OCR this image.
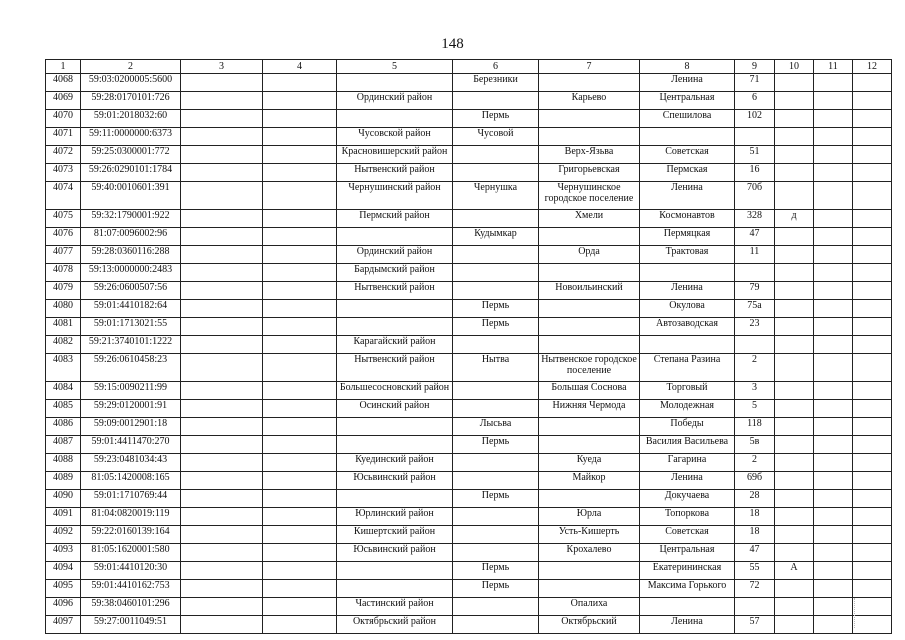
148
1	2	3	4	5	6	7	8	9	10	11	12
4068	59:03:0200005:5600				Березники		Ленина	71			
4069	59:28:0170101:726			Ординский район		Карьево	Центральная	6			
4070	59:01:2018032:60				Пермь		Спешилова	102			
4071	59:11:0000000:6373			Чусовской район	Чусовой						
4072	59:25:0300001:772			Красновишерский район		Верх-Язьва	Советская	51			
4073	59:26:0290101:1784			Нытвенский район		Григорьевская	Пермская	16			
4074	59:40:0010601:391			Чернушинский район	Чернушка	Чернушинское городское поселение	Ленина	70б			
4075	59:32:1790001:922			Пермский район		Хмели	Космонавтов	328	д		
4076	81:07:0096002:96				Кудымкар		Пермяцкая	47			
4077	59:28:0360116:288			Ординский район		Орда	Трактовая	11			
4078	59:13:0000000:2483			Бардымский район							
4079	59:26:0600507:56			Нытвенский район		Новоильинский	Ленина	79			
4080	59:01:4410182:64				Пермь		Окулова	75а			
4081	59:01:1713021:55				Пермь		Автозаводская	23			
4082	59:21:3740101:1222			Карагайский район							
4083	59:26:0610458:23			Нытвенский район	Нытва	Нытвенское городское поселение	Степана Разина	2			
4084	59:15:0090211:99			Большесосновский район		Большая Соснова	Торговый	3			
4085	59:29:0120001:91			Осинский район		Нижняя Чермода	Молодежная	5			
4086	59:09:0012901:18				Лысьва		Победы	118			
4087	59:01:4411470:270				Пермь		Василия Васильева	5в			
4088	59:23:0481034:43			Куединский район		Куеда	Гагарина	2			
4089	81:05:1420008:165			Юсьвинский район		Майкор	Ленина	69б			
4090	59:01:1710769:44				Пермь		Докучаева	28			
4091	81:04:0820019:119			Юрлинский район		Юрла	Топоркова	18			
4092	59:22:0160139:164			Кишертский район		Усть-Кишерть	Советская	18			
4093	81:05:1620001:580			Юсьвинский район		Крохалево	Центральная	47			
4094	59:01:4410120:30				Пермь		Екатерининская	55	А		
4095	59:01:4410162:753				Пермь		Максима Горького	72			
4096	59:38:0460101:296			Частинский район		Опалиха					
4097	59:27:0011049:51			Октябрьский район		Октябрьский	Ленина	57			
